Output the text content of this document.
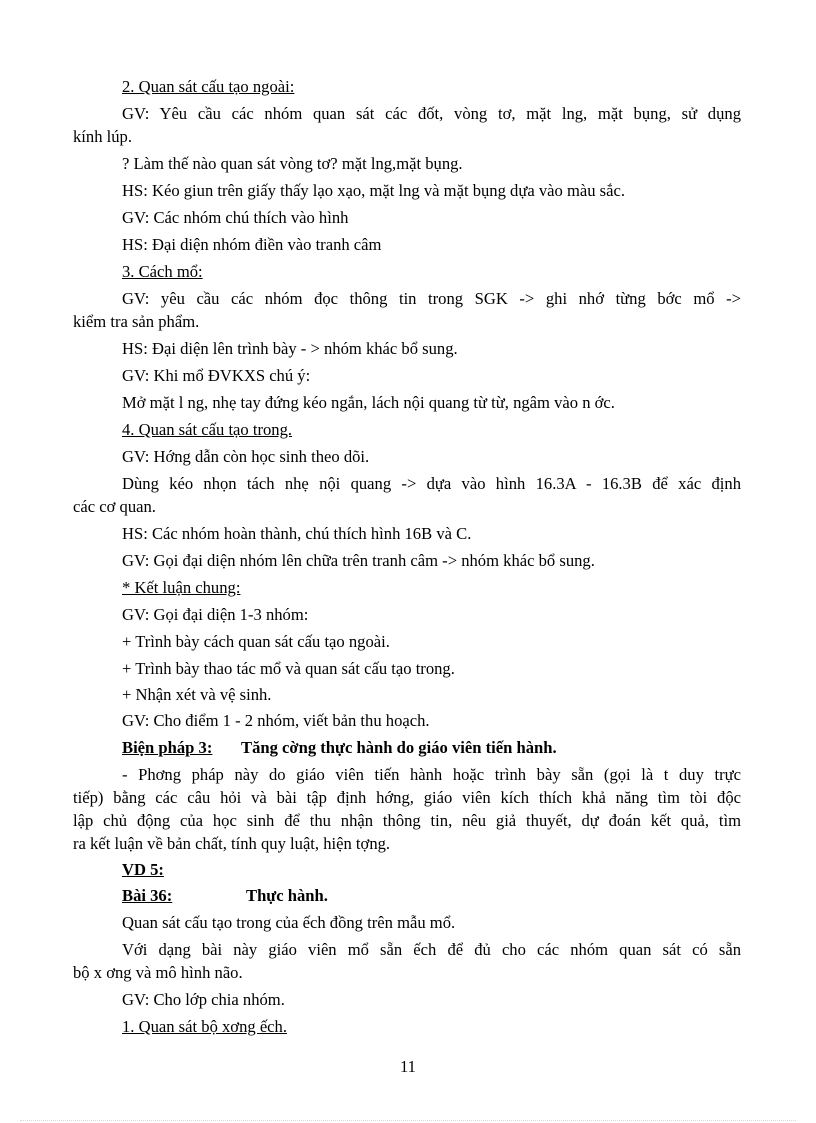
2. Quan sát cấu tạo ngoài:
GV: Yêu cầu các nhóm quan sát các đốt, vòng tơ, mặt lng, mặt bụng, sử dụng
kính lúp.
? Làm thế nào quan sát vòng tơ? mặt lng,mặt bụng.
HS: Kéo giun trên giấy thấy lạo xạo, mặt lng và mặt bụng dựa vào màu sắc.
GV: Các nhóm chú thích vào hình
HS: Đại diện nhóm điền vào tranh câm
3. Cách mổ:
GV: yêu cầu các nhóm đọc thông tin trong SGK -> ghi nhớ từng bớc mổ ->
kiểm tra sản phẩm.
HS: Đại diện lên trình bày - > nhóm khác bổ sung.
GV: Khi mổ ĐVKXS chú ý:
Mở mặt l ng, nhẹ tay đứng kéo ngắn, lách nội quang từ từ, ngâm vào n ớc.
4. Quan sát cấu tạo trong.
GV: Hớng dẫn còn học sinh theo dõi.
Dùng kéo nhọn tách nhẹ nội quang -> dựa vào hình 16.3A - 16.3B để xác định
các cơ quan.
HS: Các nhóm hoàn thành, chú thích hình 16B và C.
GV: Gọi đại diện nhóm lên chữa trên tranh câm -> nhóm khác bổ sung.
* Kết luận chung:
GV: Gọi đại diện 1-3 nhóm:
+ Trình bày cách quan sát cấu tạo ngoài.
+ Trình bày thao tác mổ và quan sát cấu tạo trong.
+ Nhận xét và vệ sinh.
GV: Cho điểm 1 - 2 nhóm, viết bản thu hoạch.
Biện pháp 3: Tăng cờng thực hành do giáo viên tiến hành.
- Phơng pháp này do giáo viên tiến hành hoặc trình bày sẵn (gọi là t duy trực
tiếp) bằng các câu hỏi và bài tập định hớng, giáo viên kích thích khả năng tìm tòi độc
lập chủ động của học sinh để thu nhận thông tin, nêu giả thuyết, dự đoán kết quả, tìm
ra kết luận về bản chất, tính quy luật, hiện tợng.
VD 5:
Bài 36:	Thực hành.
Quan sát cấu tạo trong của ếch đồng trên mẫu mổ.
Với dạng bài này giáo viên mổ sẵn ếch để đủ cho các nhóm quan sát có sẵn
bộ x ơng và mô hình não.
GV: Cho lớp chia nhóm.
1. Quan sát bộ xơng ếch.
11
